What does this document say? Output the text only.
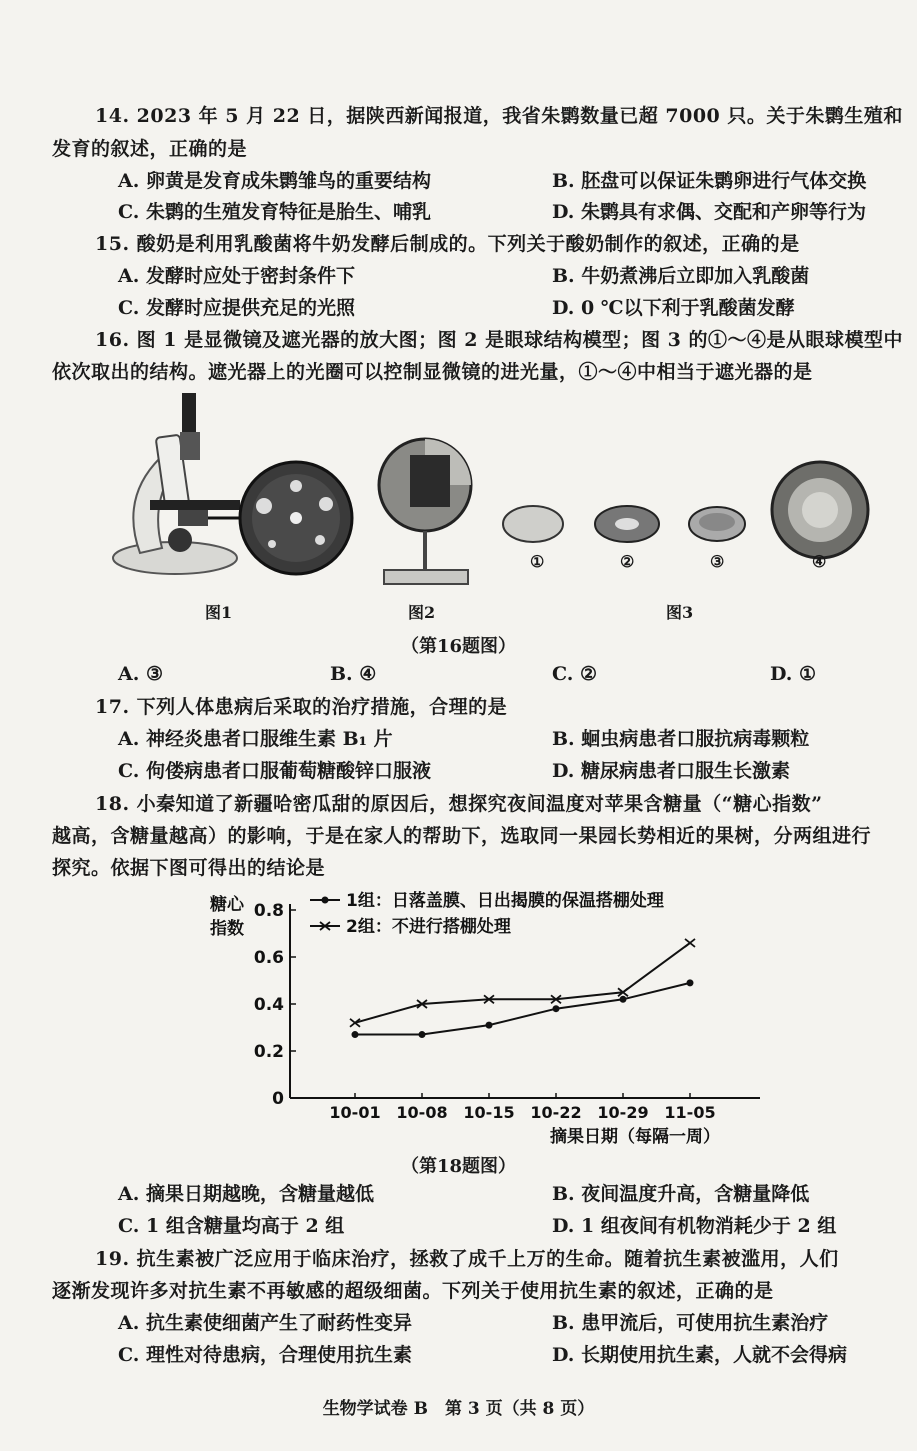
14. 2023 年 5 月 22 日，据陕西新闻报道，我省朱鹮数量已超 7000 只。关于朱鹮生殖和
发育的叙述，正确的是
A. 卵黄是发育成朱鹮雏鸟的重要结构	B. 胚盘可以保证朱鹮卵进行气体交换
C. 朱鹮的生殖发育特征是胎生、哺乳	D. 朱鹮具有求偶、交配和产卵等行为
15. 酸奶是利用乳酸菌将牛奶发酵后制成的。下列关于酸奶制作的叙述，正确的是
A. 发酵时应处于密封条件下	B. 牛奶煮沸后立即加入乳酸菌
C. 发酵时应提供充足的光照	D. 0 ℃以下利于乳酸菌发酵
16. 图 1 是显微镜及遮光器的放大图；图 2 是眼球结构模型；图 3 的①～④是从眼球模型中
依次取出的结构。遮光器上的光圈可以控制显微镜的进光量，①～④中相当于遮光器的是
①	②	③	④
图1	图2	图3
（第16题图）
A. ③	B. ④	C. ②	D. ①
17. 下列人体患病后采取的治疗措施，合理的是
A. 神经炎患者口服维生素 B₁ 片	B. 蛔虫病患者口服抗病毒颗粒
C. 佝偻病患者口服葡萄糖酸锌口服液	D. 糖尿病患者口服生长激素
18. 小秦知道了新疆哈密瓜甜的原因后，想探究夜间温度对苹果含糖量（“糖心指数”
越高，含糖量越高）的影响，于是在家人的帮助下，选取同一果园长势相近的果树，分两组进行
探究。依据下图可得出的结论是
糖心
指数
0
0.2
0.4
0.6
0.8
10-01 10-08 10-15 10-22 10-29 11-05
1组：日落盖膜、日出揭膜的保温搭棚处理
2组：不进行搭棚处理
摘果日期（每隔一周）
（第18题图）
A. 摘果日期越晚，含糖量越低	B. 夜间温度升高，含糖量降低
C. 1 组含糖量均高于 2 组	D. 1 组夜间有机物消耗少于 2 组
19. 抗生素被广泛应用于临床治疗，拯救了成千上万的生命。随着抗生素被滥用，人们
逐渐发现许多对抗生素不再敏感的超级细菌。下列关于使用抗生素的叙述，正确的是
A. 抗生素使细菌产生了耐药性变异	B. 患甲流后，可使用抗生素治疗
C. 理性对待患病，合理使用抗生素	D. 长期使用抗生素，人就不会得病
生物学试卷 B　第 3 页（共 8 页）
